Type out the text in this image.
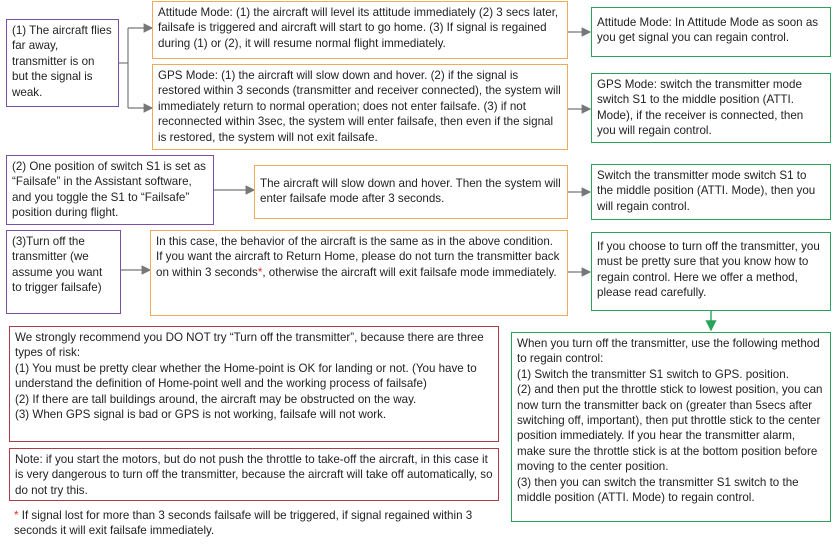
(1) The aircraft flies far away, transmitter is on but the signal is weak.

Attitude Mode: (1) the aircraft will level its attitude immediately (2) 3 secs later, failsafe is triggered and aircraft will start to go home. (3) If signal is regained during (1) or (2), it will resume normal flight immediately.

Attitude Mode: In Attitude Mode as soon as you get signal you can regain control.

GPS Mode: (1) the aircraft will slow down and hover. (2) if the signal is restored within 3 seconds (transmitter and receiver connected), the system will immediately return to normal operation; does not enter failsafe. (3) if not reconnected within 3sec, the system will enter failsafe, then even if the signal is restored, the system will not exit failsafe.

GPS Mode: switch the transmitter mode switch S1 to the middle position (ATTI. Mode), if the receiver is connected, then you will regain control.

(2) One position of switch S1 is set as “Failsafe” in the Assistant software, and you toggle the S1 to “Failsafe” position during flight.

The aircraft will slow down and hover. Then the system will enter failsafe mode after 3 seconds.

Switch the transmitter mode switch S1 to the middle position (ATTI. Mode), then you will regain control.

(3)Turn off the transmitter (we assume you want to trigger failsafe)

In this case, the behavior of the aircraft is the same as in the above condition.

If you want the aircraft to Return Home, please do not turn the transmitter back on within 3 seconds*, otherwise the aircraft will exit failsafe mode immediately.

If you choose to turn off the transmitter, you must be pretty sure that you know how to regain control. Here we offer a method, please read carefully.

We strongly recommend you DO NOT try “Turn off the transmitter”, because there are three types of risk:

(1) You must be pretty clear whether the Home-point is OK for landing or not. (You have to understand the definition of Home-point well and the working process of failsafe)

(2) If there are tall buildings around, the aircraft may be obstructed on the way.

(3) When GPS signal is bad or GPS is not working, failsafe will not work.

Note: if you start the motors, but do not push the throttle to take-off the aircraft, in this case it is very dangerous to turn off the transmitter, because the aircraft will take off automatically, so do not try this.

* If signal lost for more than 3 seconds failsafe will be triggered, if signal regained within 3 seconds it will exit failsafe immediately.

When you turn off the transmitter, use the following method to regain control:

(1) Switch the transmitter S1 switch to GPS. position.

(2) and then put the throttle stick to lowest position, you can now turn the transmitter back on (greater than 5secs after switching off, important), then put throttle stick to the center position immediately. If you hear the transmitter alarm, make sure the throttle stick is at the bottom position before moving to the center position.

(3) then you can switch the transmitter S1 switch to the middle position (ATTI. Mode) to regain control.
